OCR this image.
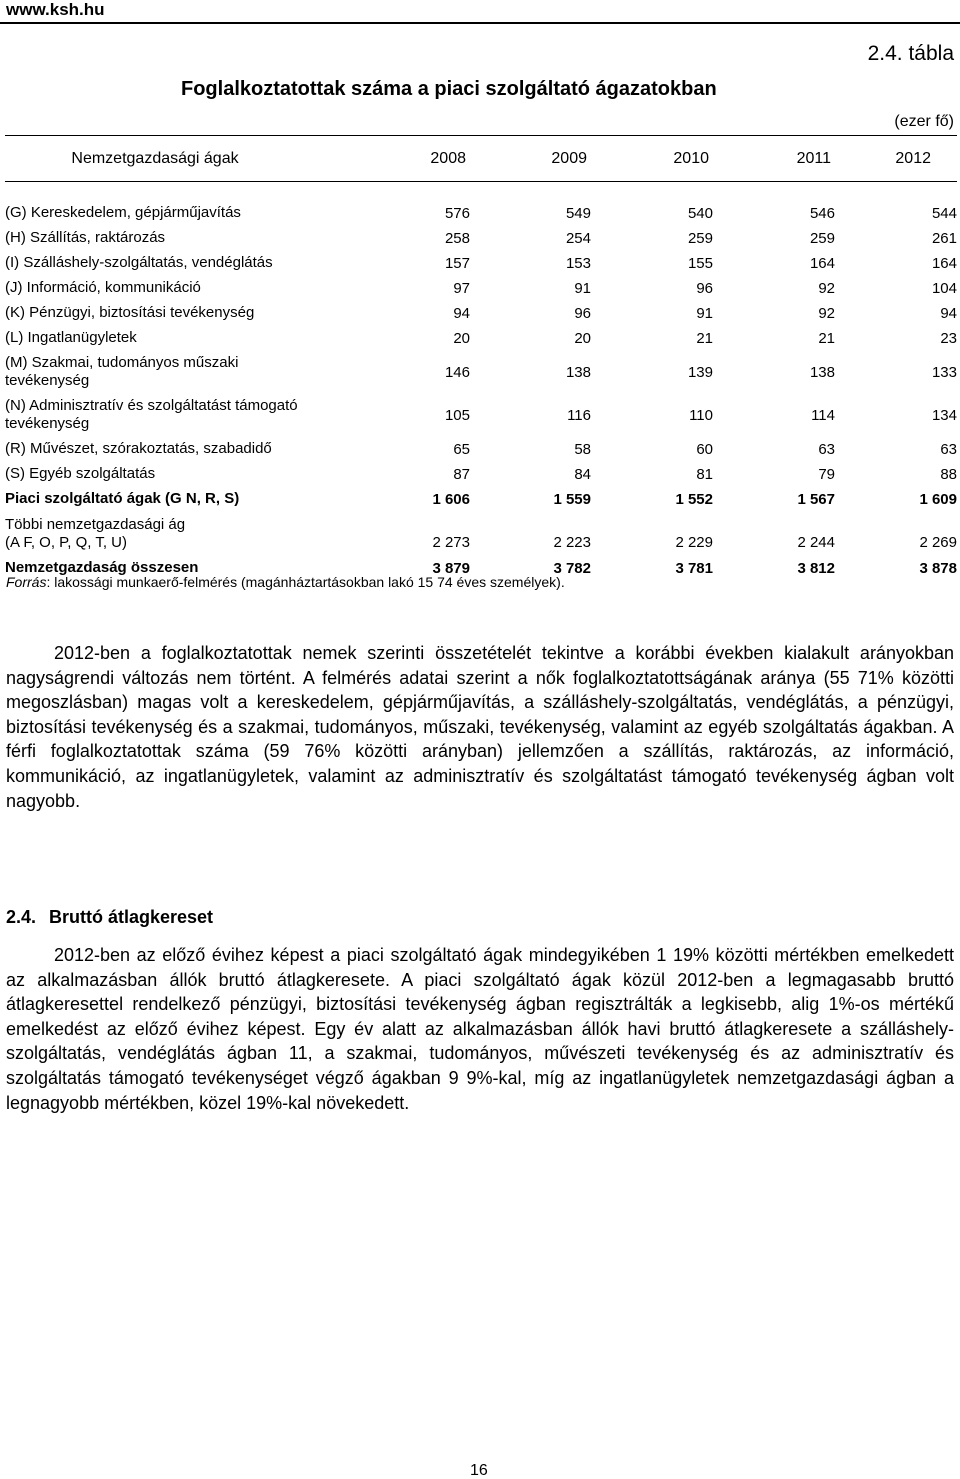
www.ksh.hu
2.4. tábla
Foglalkoztatottak száma a piaci szolgáltató ágazatokban
(ezer fő)
Nemzetgazdasági ágak	2008	2009	2010	2011	2012

(G) Kereskedelem, gépjárműjavítás	576	549	540	546	544
(H) Szállítás, raktározás	258	254	259	259	261
(I) Szálláshely-szolgáltatás, vendéglátás	157	153	155	164	164
(J) Információ, kommunikáció	97	91	96	92	104
(K) Pénzügyi, biztosítási tevékenység	94	96	91	92	94
(L) Ingatlanügyletek	20	20	21	21	23
(M) Szakmai, tudományos műszaki
tevékenység	146	138	139	138	133
(N) Adminisztratív és szolgáltatást támogató
tevékenység	105	116	110	114	134
(R) Művészet, szórakoztatás, szabadidő	65	58	60	63	63
(S) Egyéb szolgáltatás	87	84	81	79	88
Piaci szolgáltató ágak (G N, R, S)	1 606	1 559	1 552	1 567	1 609
Többi nemzetgazdasági ág
(A F, O, P, Q, T, U)	2 273	2 223	2 229	2 244	2 269
Nemzetgazdaság összesen	3 879	3 782	3 781	3 812	3 878
Forrás: lakossági munkaerő-felmérés (magánháztartásokban lakó 15 74 éves személyek).
2012-ben a foglalkoztatottak nemek szerinti összetételét tekintve a korábbi években kialakult arányokban nagyságrendi változás nem történt. A felmérés adatai szerint a nők foglalkoztatottságának aránya (55 71% közötti megoszlásban) magas volt a kereskedelem, gépjárműjavítás, a szálláshely-szolgáltatás, vendéglátás, a pénzügyi, biztosítási tevékenység és a szakmai, tudományos, műszaki, tevékenység, valamint az egyéb szolgáltatás ágakban. A férfi foglalkoztatottak száma (59 76% közötti arányban) jellemzően a szállítás, raktározás, az információ, kommunikáció, az ingatlanügyletek, valamint az adminisztratív és szolgáltatást támogató tevékenység ágban volt nagyobb.
2.4. Bruttó átlagkereset
2012-ben az előző évihez képest a piaci szolgáltató ágak mindegyikében 1 19% közötti mértékben emelkedett az alkalmazásban állók bruttó átlagkeresete. A piaci szolgáltató ágak közül 2012-ben a legmagasabb bruttó átlagkeresettel rendelkező pénzügyi, biztosítási tevékenység ágban regisztrálták a legkisebb, alig 1%-os mértékű emelkedést az előző évihez képest. Egy év alatt az alkalmazásban állók havi bruttó átlagkeresete a szálláshely-szolgáltatás, vendéglátás ágban 11, a szakmai, tudományos, művészeti tevékenység és az adminisztratív és szolgáltatás támogató tevékenységet végző ágakban 9 9%-kal, míg az ingatlanügyletek nemzetgazdasági ágban a legnagyobb mértékben, közel 19%-kal növekedett.
16
